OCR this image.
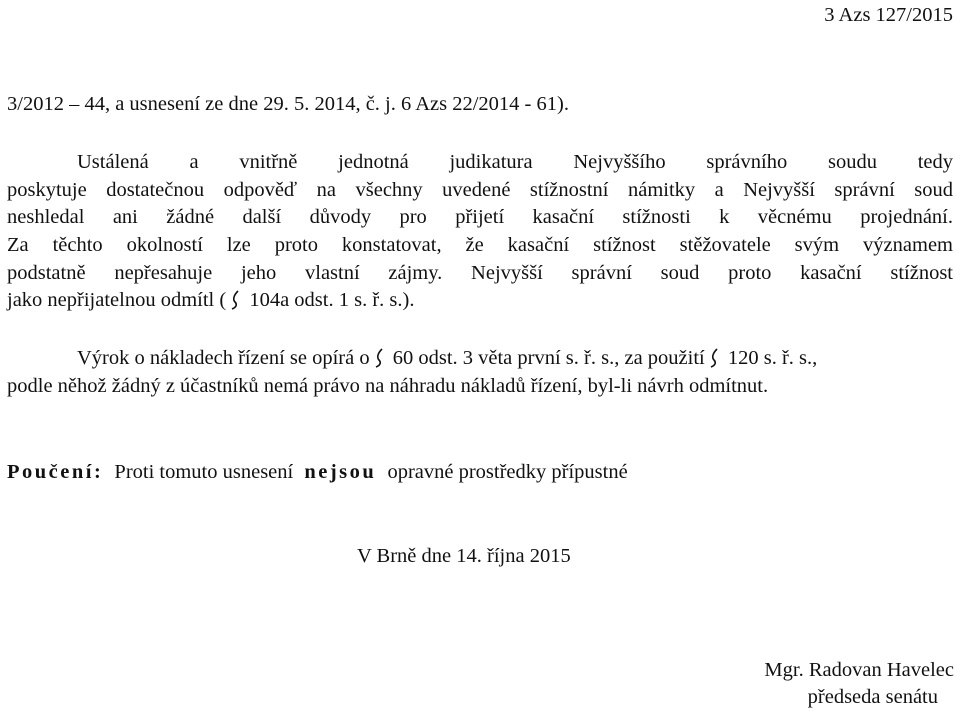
3 Azs 127/2015
3/2012 – 44, a usnesení ze dne 29. 5. 2014, č. j. 6 Azs 22/2014 - 61).
Ustálená a vnitřně jednotná judikatura Nejvyššího správního soudu tedy
poskytuje dostatečnou odpověď na všechny uvedené stížnostní námitky a Nejvyšší správní soud
neshledal ani žádné další důvody pro přijetí kasační stížnosti k věcnému projednání.
Za těchto okolností lze proto konstatovat, že kasační stížnost stěžovatele svým významem
podstatně nepřesahuje jeho vlastní zájmy. Nejvyšší správní soud proto kasační stížnost
jako nepřijatelnou odmítl (
104a odst. 1 s. ř. s.).
Výrok o nákladech řízení se opírá o
60 odst. 3 věta první s. ř. s., za použití
120 s. ř. s.,
podle něhož žádný z účastníků nemá právo na náhradu nákladů řízení, byl-li návrh odmítnut.
Poučení: Proti tomuto usnesení nejsou opravné prostředky přípustné
V Brně dne 14. října 2015
Mgr. Radovan Havelec
předseda senátu
